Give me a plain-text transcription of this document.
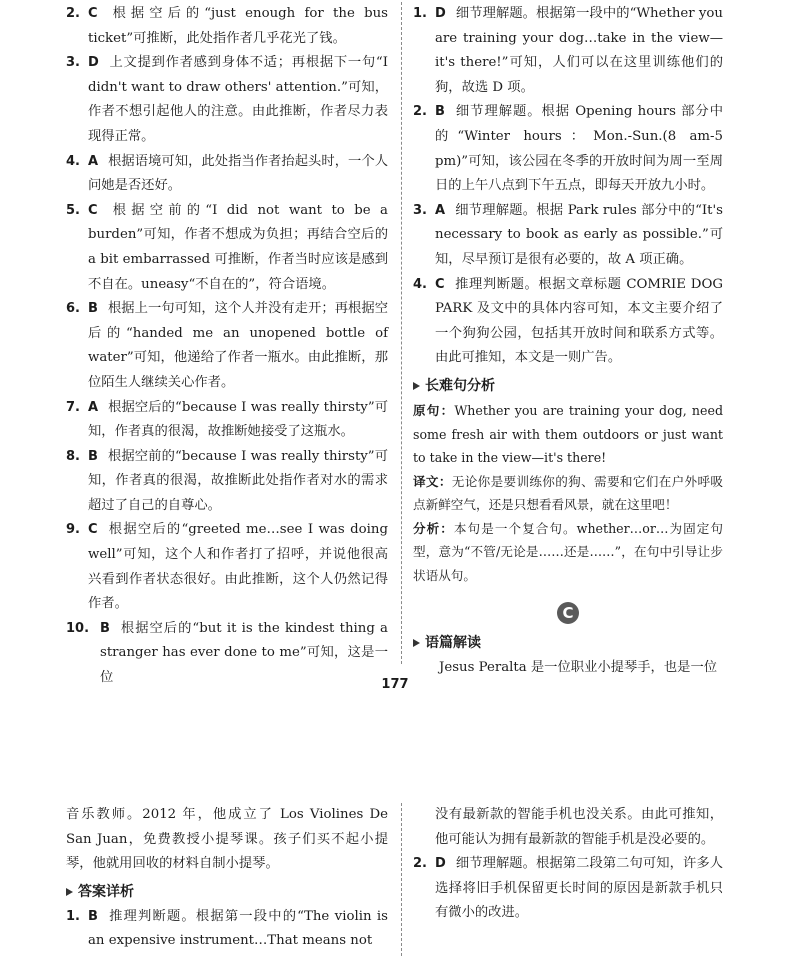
2. C 根据空后的“just enough for the bus ticket”可推断，此处指作者几乎花光了钱。
3. D 上文提到作者感到身体不适；再根据下一句“I didn't want to draw others' attention.”可知，作者不想引起他人的注意。由此推断，作者尽力表现得正常。
4. A 根据语境可知，此处指当作者抬起头时，一个人问她是否还好。
5. C 根据空前的“I did not want to be a burden”可知，作者不想成为负担；再结合空后的 a bit embarrassed 可推断，作者当时应该是感到不自在。uneasy“不自在的”，符合语境。
6. B 根据上一句可知，这个人并没有走开；再根据空后的“handed me an unopened bottle of water”可知，他递给了作者一瓶水。由此推断，那位陌生人继续关心作者。
7. A 根据空后的“because I was really thirsty”可知，作者真的很渴，故推断她接受了这瓶水。
8. B 根据空前的“because I was really thirsty”可知，作者真的很渴，故推断此处指作者对水的需求超过了自己的自尊心。
9. C 根据空后的“greeted me…see I was doing well”可知，这个人和作者打了招呼，并说他很高兴看到作者状态很好。由此推断，这个人仍然记得作者。
10. B 根据空后的“but it is the kindest thing a stranger has ever done to me”可知，这是一位
1. D 细节理解题。根据第一段中的“Whether you are training your dog…take in the view—it's there!”可知，人们可以在这里训练他们的狗，故选 D 项。
2. B 细节理解题。根据 Opening hours 部分中的“Winter hours：Mon.-Sun.(8 am-5 pm)”可知，该公园在冬季的开放时间为周一至周日的上午八点到下午五点，即每天开放九小时。
3. A 细节理解题。根据 Park rules 部分中的“It's necessary to book as early as possible.”可知，尽早预订是很有必要的，故 A 项正确。
4. C 推理判断题。根据文章标题 COMRIE DOG PARK 及文中的具体内容可知，本文主要介绍了一个狗狗公园，包括其开放时间和联系方式等。由此可推知，本文是一则广告。
长难句分析
原句：Whether you are training your dog, need some fresh air with them outdoors or just want to take in the view—it's there!
译文：无论你是要训练你的狗、需要和它们在户外呼吸点新鲜空气，还是只想看看风景，就在这里吧！
分析：本句是一个复合句。whether…or…为固定句型，意为“不管/无论是……还是……”，在句中引导让步状语从句。
C
语篇解读
Jesus Peralta 是一位职业小提琴手，也是一位
177
音乐教师。2012 年，他成立了 Los Violines De San Juan，免费教授小提琴课。孩子们买不起小提琴，他就用回收的材料自制小提琴。
答案详析
1. B 推理判断题。根据第一段中的“The violin is an expensive instrument…That means not
没有最新款的智能手机也没关系。由此可推知，他可能认为拥有最新款的智能手机是没必要的。
2. D 细节理解题。根据第二段第二句可知，许多人选择将旧手机保留更长时间的原因是新款手机只有微小的改进。
